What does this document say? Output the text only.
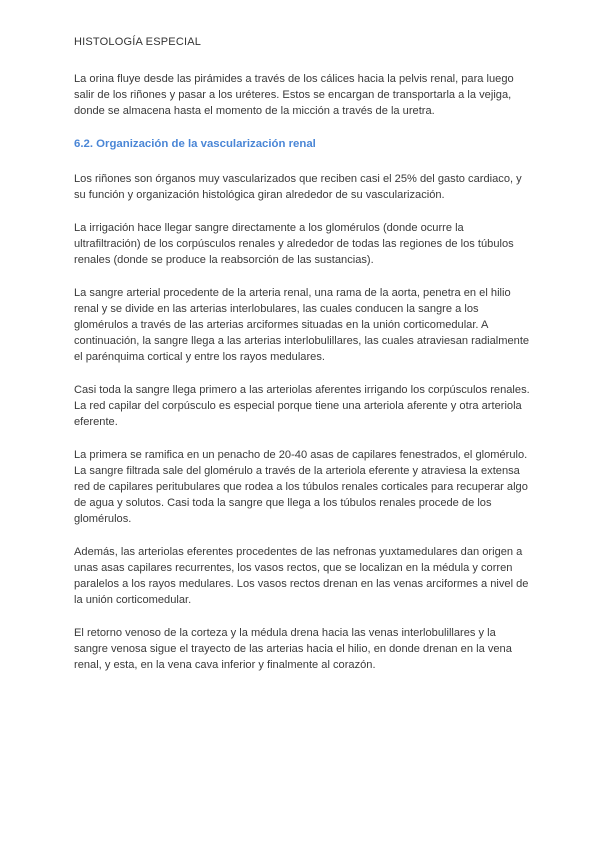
HISTOLOGÍA ESPECIAL

La orina fluye desde las pirámides a través de los cálices hacia la pelvis renal, para luego salir de los riñones y pasar a los uréteres. Estos se encargan de transportarla a la vejiga, donde se almacena hasta el momento de la micción a través de la uretra.

6.2. Organización de la vascularización renal

Los riñones son órganos muy vascularizados que reciben casi el 25% del gasto cardiaco, y su función y organización histológica giran alrededor de su vascularización.

La irrigación hace llegar sangre directamente a los glomérulos (donde ocurre la ultrafiltración) de los corpúsculos renales y alrededor de todas las regiones de los túbulos renales (donde se produce la reabsorción de las sustancias).

La sangre arterial procedente de la arteria renal, una rama de la aorta, penetra en el hilio renal y se divide en las arterias interlobulares, las cuales conducen la sangre a los glomérulos a través de las arterias arciformes situadas en la unión corticomedular. A continuación, la sangre llega a las arterias interlobulillares, las cuales atraviesan radialmente el parénquima cortical y entre los rayos medulares.

Casi toda la sangre llega primero a las arteriolas aferentes irrigando los corpúsculos renales. La red capilar del corpúsculo es especial porque tiene una arteriola aferente y otra arteriola eferente.

La primera se ramifica en un penacho de 20-40 asas de capilares fenestrados, el glomérulo. La sangre filtrada sale del glomérulo a través de la arteriola eferente y atraviesa la extensa red de capilares peritubulares que rodea a los túbulos renales corticales para recuperar algo de agua y solutos. Casi toda la sangre que llega a los túbulos renales procede de los glomérulos.

Además, las arteriolas eferentes procedentes de las nefronas yuxtamedulares dan origen a unas asas capilares recurrentes, los vasos rectos, que se localizan en la médula y corren paralelos a los rayos medulares. Los vasos rectos drenan en las venas arciformes a nivel de la unión corticomedular.

El retorno venoso de la corteza y la médula drena hacia las venas interlobulillares y la sangre venosa sigue el trayecto de las arterias hacia el hilio, en donde drenan en la vena renal, y esta, en la vena cava inferior y finalmente al corazón.
